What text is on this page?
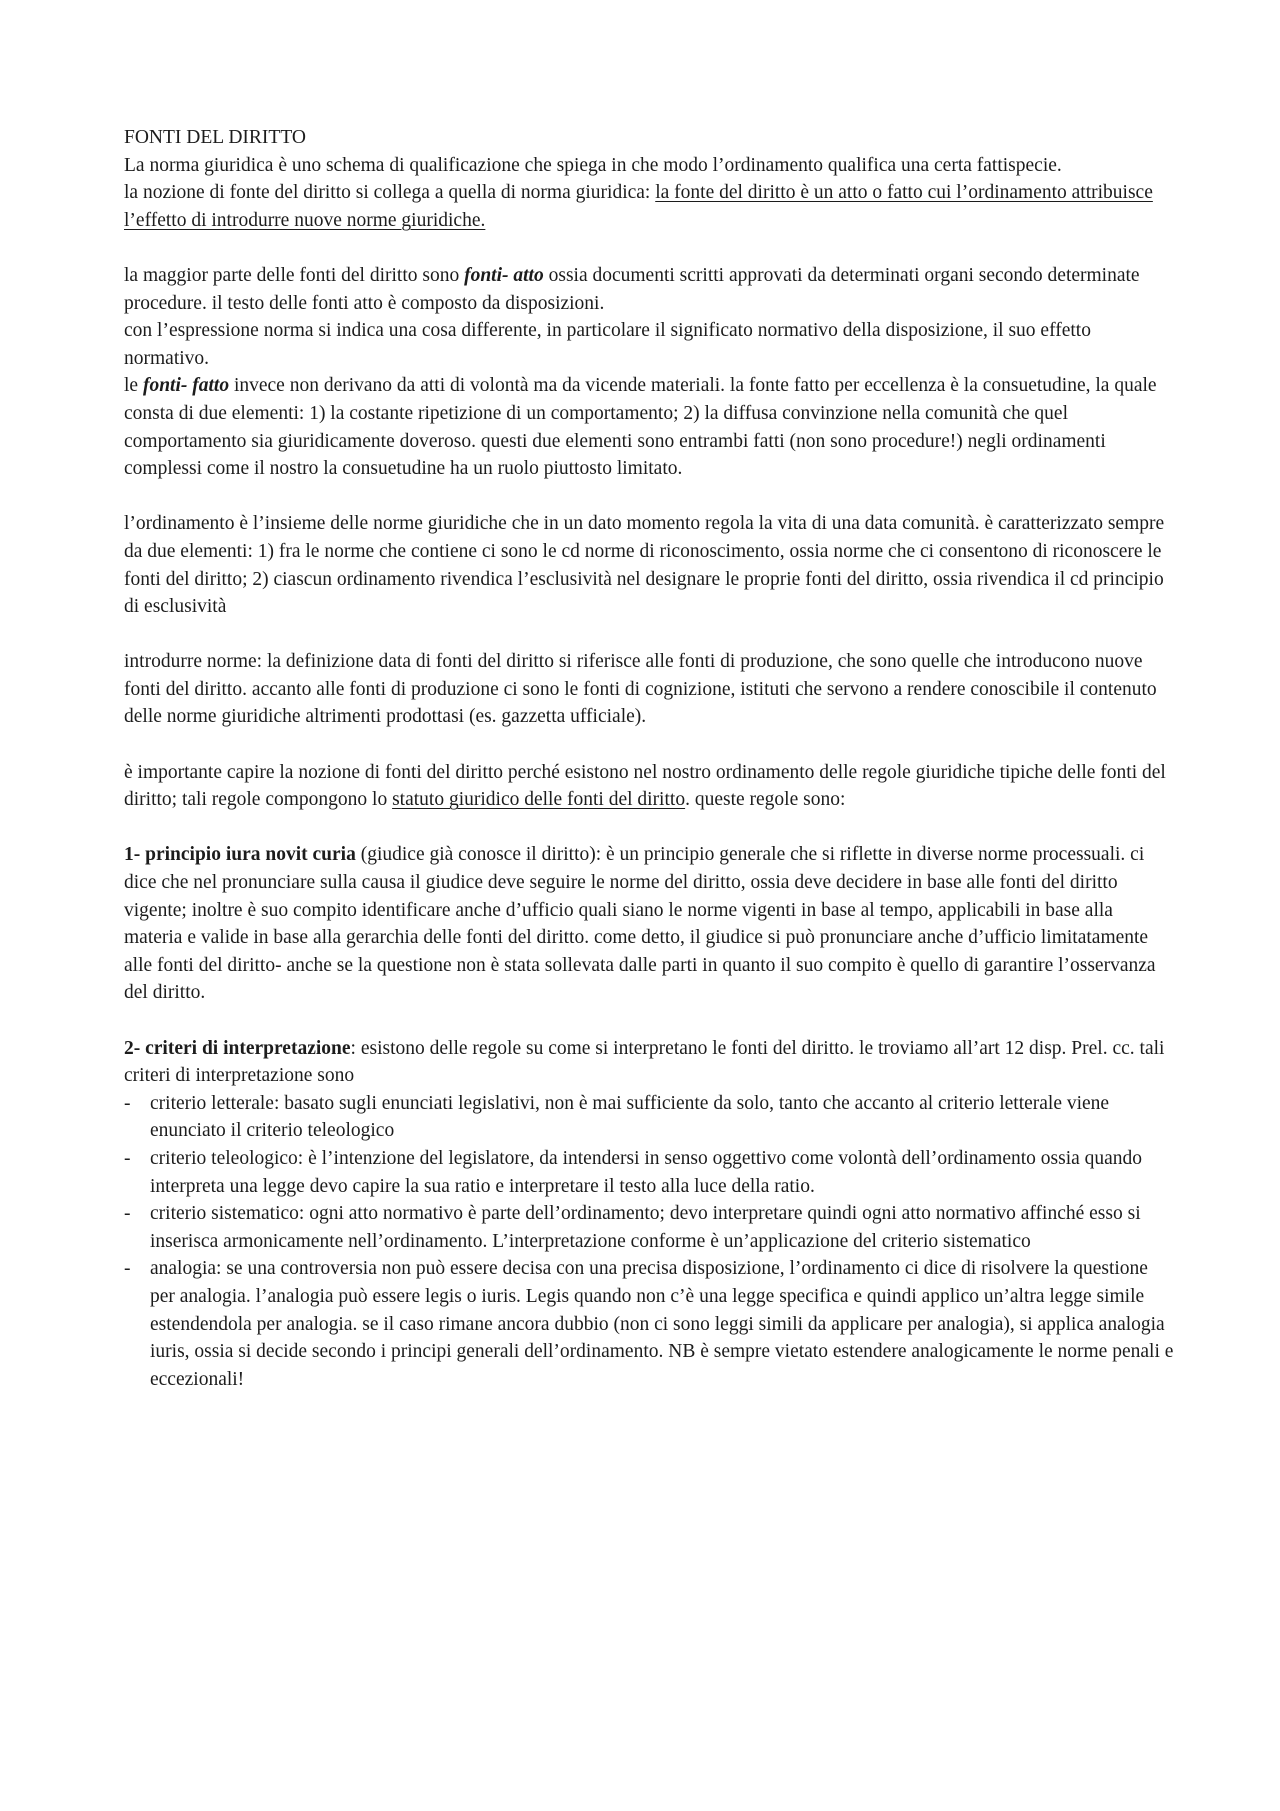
FONTI DEL DIRITTO

La norma giuridica è uno schema di qualificazione che spiega in che modo l’ordinamento qualifica una certa fattispecie.

la nozione di fonte del diritto si collega a quella di norma giuridica: la fonte del diritto è un atto o fatto cui l’ordinamento attribuisce l’effetto di introdurre nuove norme giuridiche.

la maggior parte delle fonti del diritto sono fonti- atto ossia documenti scritti approvati da determinati organi secondo determinate procedure. il testo delle fonti atto è composto da disposizioni.

con l’espressione norma si indica una cosa differente, in particolare il significato normativo della disposizione, il suo effetto normativo.

le fonti- fatto invece non derivano da atti di volontà ma da vicende materiali. la fonte fatto per eccellenza è la consuetudine, la quale consta di due elementi: 1) la costante ripetizione di un comportamento; 2) la diffusa convinzione nella comunità che quel comportamento sia giuridicamente doveroso. questi due elementi sono entrambi fatti (non sono procedure!) negli ordinamenti complessi come il nostro la consuetudine ha un ruolo piuttosto limitato.

l’ordinamento è l’insieme delle norme giuridiche che in un dato momento regola la vita di una data comunità. è caratterizzato sempre da due elementi: 1) fra le norme che contiene ci sono le cd norme di riconoscimento, ossia norme che ci consentono di riconoscere le fonti del diritto; 2) ciascun ordinamento rivendica l’esclusività nel designare le proprie fonti del diritto, ossia rivendica il cd principio di esclusività

introdurre norme: la definizione data di fonti del diritto si riferisce alle fonti di produzione, che sono quelle che introducono nuove fonti del diritto. accanto alle fonti di produzione ci sono le fonti di cognizione, istituti che servono a rendere conoscibile il contenuto delle norme giuridiche altrimenti prodottasi (es. gazzetta ufficiale).

è importante capire la nozione di fonti del diritto perché esistono nel nostro ordinamento delle regole giuridiche tipiche delle fonti del diritto; tali regole compongono lo statuto giuridico delle fonti del diritto. queste regole sono:

1- principio iura novit curia (giudice già conosce il diritto): è un principio generale che si riflette in diverse norme processuali. ci dice che nel pronunciare sulla causa il giudice deve seguire le norme del diritto, ossia deve decidere in base alle fonti del diritto vigente; inoltre è suo compito identificare anche d’ufficio quali siano le norme vigenti in base al tempo, applicabili in base alla materia e valide in base alla gerarchia delle fonti del diritto. come detto, il giudice si può pronunciare anche d’ufficio limitatamente alle fonti del diritto- anche se la questione non è stata sollevata dalle parti in quanto il suo compito è quello di garantire l’osservanza del diritto.

2- criteri di interpretazione: esistono delle regole su come si interpretano le fonti del diritto. le troviamo all’art 12 disp. Prel. cc. tali criteri di interpretazione sono

- criterio letterale: basato sugli enunciati legislativi, non è mai sufficiente da solo, tanto che accanto al criterio letterale viene enunciato il criterio teleologico
- criterio teleologico: è l’intenzione del legislatore, da intendersi in senso oggettivo come volontà dell’ordinamento ossia quando interpreta una legge devo capire la sua ratio e interpretare il testo alla luce della ratio.
- criterio sistematico: ogni atto normativo è parte dell’ordinamento; devo interpretare quindi ogni atto normativo affinché esso si inserisca armonicamente nell’ordinamento. L’interpretazione conforme è un’applicazione del criterio sistematico
- analogia: se una controversia non può essere decisa con una precisa disposizione, l’ordinamento ci dice di risolvere la questione per analogia. l’analogia può essere legis o iuris. Legis quando non c’è una legge specifica e quindi applico un’altra legge simile estendendola per analogia. se il caso rimane ancora dubbio (non ci sono leggi simili da applicare per analogia), si applica analogia iuris, ossia si decide secondo i principi generali dell’ordinamento. NB è sempre vietato estendere analogicamente le norme penali e eccezionali!
